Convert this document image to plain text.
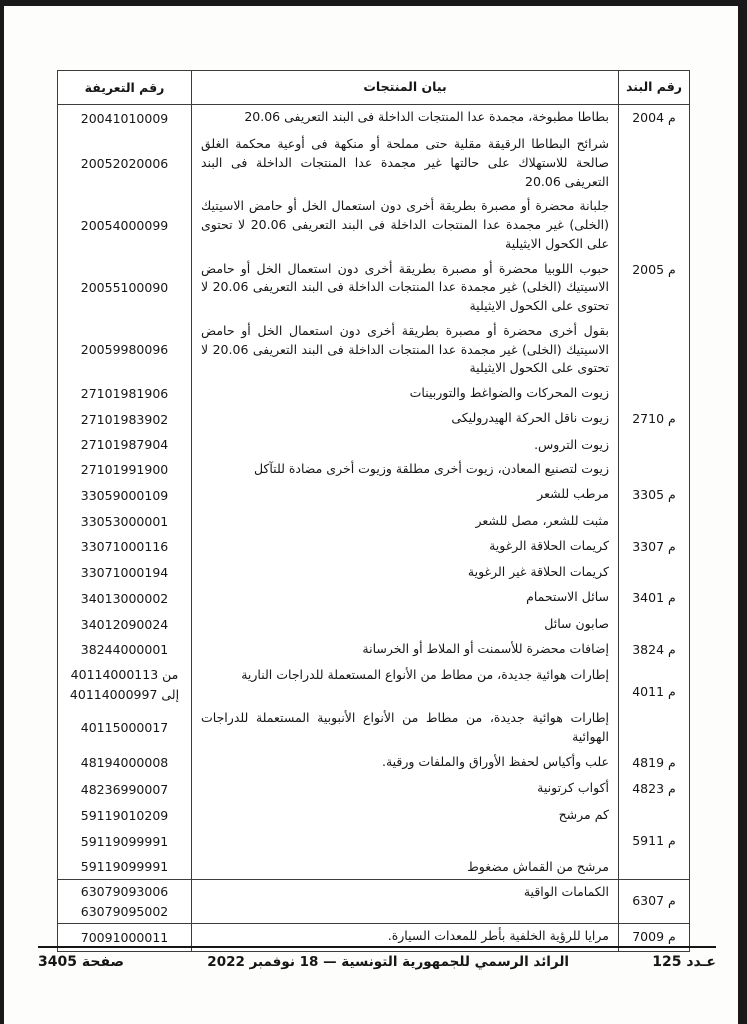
رقم البند
بيان المنتجات
رقم التعريفة
م 2004
بطاطا مطبوخة، مجمدة عدا المنتجات الداخلة فى البند التعريفى 20.06
20041010009
شرائح البطاطا الرقيقة مقلية حتى مملحة أو منكهة فى أوعية محكمة الغلق صالحة للاستهلاك على حالتها غير مجمدة عدا المنتجات الداخلة فى البند التعريفى 20.06
20052020006
جلبانة محضرة أو مصبرة بطريقة أخرى دون استعمال الخل أو حامض الاسيتيك (الخلى) غير مجمدة عدا المنتجات الداخلة فى البند التعريفى 20.06 لا تحتوى على الكحول الايثيلية
20054000099
م 2005
حبوب اللوبيا محضرة أو مصبرة بطريقة أخرى دون استعمال الخل أو حامض الاسيتيك (الخلى) غير مجمدة عدا المنتجات الداخلة فى البند التعريفى 20.06 لا تحتوى على الكحول الايثيلية
20055100090
بقول أخرى محضرة أو مصبرة بطريقة أخرى دون استعمال الخل أو حامض الاسيتيك (الخلى) غير مجمدة عدا المنتجات الداخلة فى البند التعريفى 20.06 لا تحتوى على الكحول الايثيلية
20059980096
زيوت المحركات والضواغط والتوربينات
27101981906
م 2710
زيوت ناقل الحركة الهيدروليكى
27101983902
زيوت التروس.
27101987904
زيوت لتصنيع المعادن، زيوت أخرى مطلقة وزيوت أخرى مضادة للتآكل
27101991900
م 3305
مرطب للشعر
33059000109
مثبت للشعر، مصل للشعر
33053000001
م 3307
كريمات الحلاقة الرغوية
33071000116
كريمات الحلاقة غير الرغوية
33071000194
م 3401
سائل الاستحمام
34013000002
صابون سائل
34012090024
م 3824
إضافات محضرة للأسمنت أو الملاط أو الخرسانة
38244000001
م 4011
إطارات هوائية جديدة، من مطاط من الأنواع المستعملة للدراجات النارية
من 40114000113
إلى 40114000997
إطارات هوائية جديدة، من مطاط من الأنواع الأنبوبية المستعملة للدراجات الهوائية
40115000017
م 4819
علب وأكياس لحفظ الأوراق والملفات ورقية.
48194000008
م 4823
أكواب كرتونية
48236990007
كم مرشح
59119010209
م 5911
59119099991
مرشح من القماش مضغوط
59119099991
م 6307
الكمامات الواقية
63079093006
63079095002
م 7009
مرايا للرؤية الخلفية بأطر للمعدات السيارة.
70091000011
عـدد 125
الرائد الرسمي للجمهورية التونسية — 18 نوفمبر 2022
صفحة 3405
